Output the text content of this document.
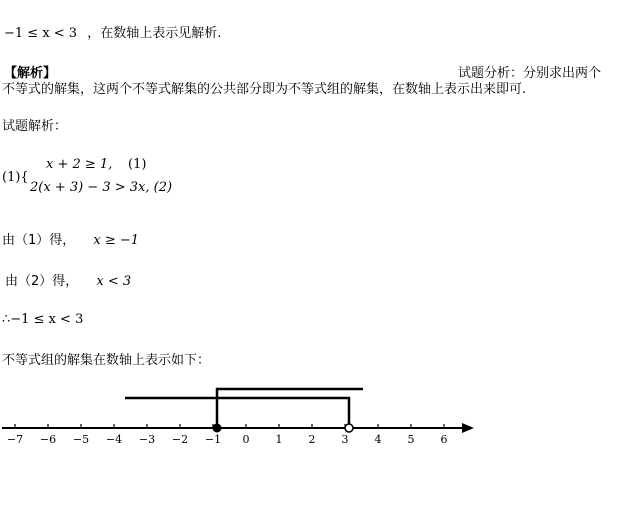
−1 ≤ x < 3 ，在数轴上表示见解析.
【解析】	试题分析：分别求出两个
不等式的解集，这两个不等式解集的公共部分即为不等式组的解集，在数轴上表示出来即可.
试题解析：
(1){
x + 2 ≥ 1, (1)
2(x + 3) − 3 > 3x, (2)
由（1）得， x ≥ −1
由（2）得， x < 3
∴−1 ≤ x < 3
不等式组的解集在数轴上表示如下：
−7 −6 −5 −4 −3 −2 −1 0 1 2 3 4 5 6
